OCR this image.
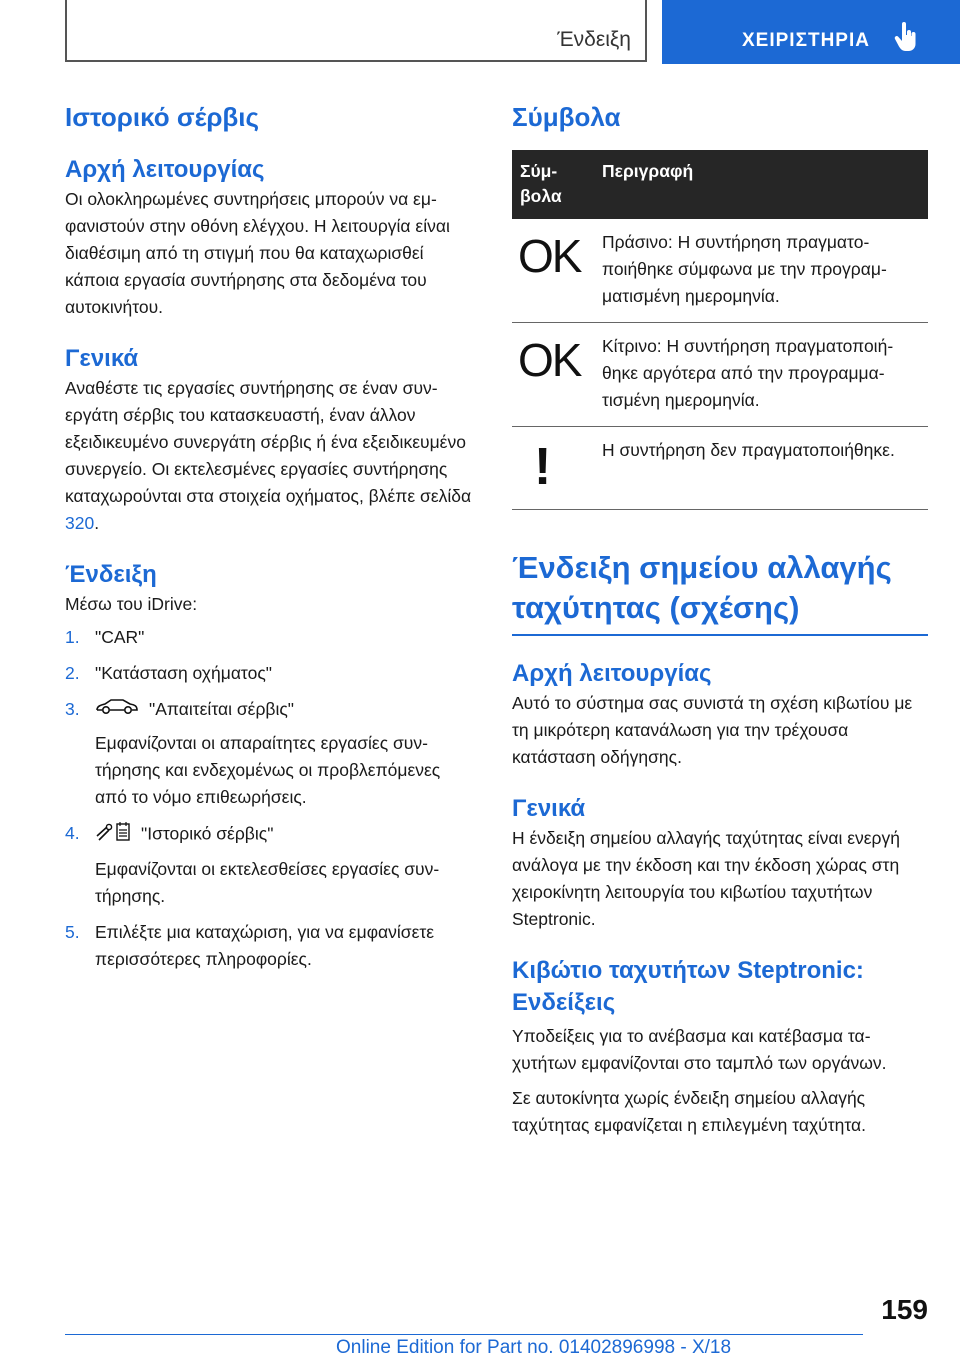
Ένδειξη	ΧΕΙΡΙΣΤΗΡΙΑ
Ιστορικό σέρβις
Αρχή λειτουργίας

Οι ολοκληρωμένες συντηρήσεις μπορούν να εμφανιστούν στην οθόνη ελέγχου. Η λειτουργία είναι διαθέσιμη από τη στιγμή που θα καταχωρισθεί κάποια εργασία συντήρησης στα δεδομένα του αυτοκινήτου.

Γενικά

Αναθέστε τις εργασίες συντήρησης σε έναν συνεργάτη σέρβις του κατασκευαστή, έναν άλλον εξειδικευμένο συνεργάτη σέρβις ή ένα εξειδικευμένο συνεργείο. Οι εκτελεσμένες εργασίες συντήρησης καταχωρούνται στα στοιχεία οχήματος, βλέπε σελίδα 320.

Ένδειξη

Μέσω του iDrive:

1. "CAR"
2. "Κατάσταση οχήματος"
3.	"Απαιτείται σέρβις"
Εμφανίζονται οι απαραίτητες εργασίες συντήρησης και ενδεχομένως οι προβλεπόμενες από το νόμο επιθεωρήσεις.
4.	"Ιστορικό σέρβις"
Εμφανίζονται οι εκτελεσθείσες εργασίες συντήρησης.
5. Επιλέξτε μια καταχώριση, για να εμφανίσετε περισσότερες πληροφορίες.
Σύμβολα
Σύμβολα	Περιγραφή
OK	Πράσινο: Η συντήρηση πραγματοποιήθηκε σύμφωνα με την προγραμματισμένη ημερομηνία.
OK	Κίτρινο: Η συντήρηση πραγματοποιήθηκε αργότερα από την προγραμματισμένη ημερομηνία.
!	Η συντήρηση δεν πραγματοποιήθηκε.
Ένδειξη σημείου αλλαγής ταχύτητας (σχέσης)
Αρχή λειτουργίας

Αυτό το σύστημα σας συνιστά τη σχέση κιβωτίου με τη μικρότερη κατανάλωση για την τρέχουσα κατάσταση οδήγησης.

Γενικά

Η ένδειξη σημείου αλλαγής ταχύτητας είναι ενεργή ανάλογα με την έκδοση και την έκδοση χώρας στη χειροκίνητη λειτουργία του κιβωτίου ταχυτήτων Steptronic.

Κιβώτιο ταχυτήτων Steptronic: Ενδείξεις

Υποδείξεις για το ανέβασμα και κατέβασμα ταχυτήτων εμφανίζονται στο ταμπλό των οργάνων.

Σε αυτοκίνητα χωρίς ένδειξη σημείου αλλαγής ταχύτητας εμφανίζεται η επιλεγμένη ταχύτητα.

159
Online Edition for Part no. 01402896998 - X/18
